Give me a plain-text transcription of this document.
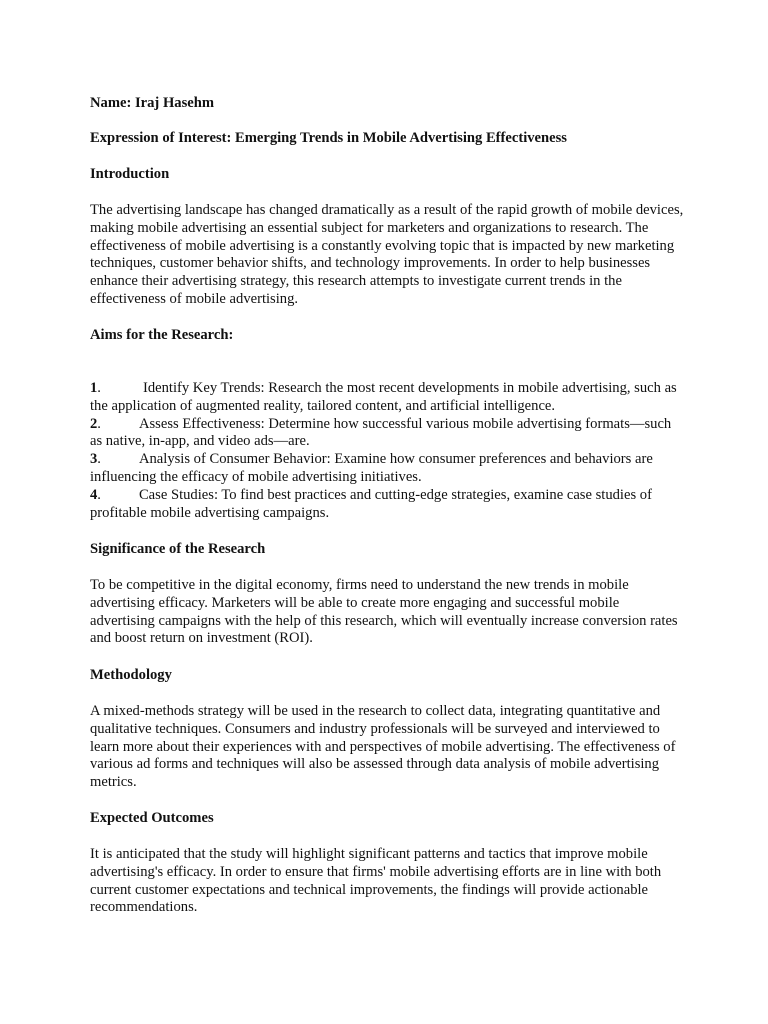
Name: Iraj Hasehm

Expression of Interest: Emerging Trends in Mobile Advertising Effectiveness

Introduction

The advertising landscape has changed dramatically as a result of the rapid growth of mobile devices, making mobile advertising an essential subject for marketers and organizations to research. The effectiveness of mobile advertising is a constantly evolving topic that is impacted by new marketing techniques, customer behavior shifts, and technology improvements. In order to help businesses enhance their advertising strategy, this research attempts to investigate current trends in the effectiveness of mobile advertising.

Aims for the Research:

1.	Identify Key Trends: Research the most recent developments in mobile advertising, such as the application of augmented reality, tailored content, and artificial intelligence.

2.	Assess Effectiveness: Determine how successful various mobile advertising formats—such as native, in-app, and video ads—are.

3.	Analysis of Consumer Behavior: Examine how consumer preferences and behaviors are influencing the efficacy of mobile advertising initiatives.

4.	Case Studies: To find best practices and cutting-edge strategies, examine case studies of profitable mobile advertising campaigns.

Significance of the Research

To be competitive in the digital economy, firms need to understand the new trends in mobile advertising efficacy. Marketers will be able to create more engaging and successful mobile advertising campaigns with the help of this research, which will eventually increase conversion rates and boost return on investment (ROI).

Methodology

A mixed-methods strategy will be used in the research to collect data, integrating quantitative and qualitative techniques. Consumers and industry professionals will be surveyed and interviewed to learn more about their experiences with and perspectives of mobile advertising. The effectiveness of various ad forms and techniques will also be assessed through data analysis of mobile advertising metrics.

Expected Outcomes

It is anticipated that the study will highlight significant patterns and tactics that improve mobile advertising's efficacy. In order to ensure that firms' mobile advertising efforts are in line with both current customer expectations and technical improvements, the findings will provide actionable recommendations.
